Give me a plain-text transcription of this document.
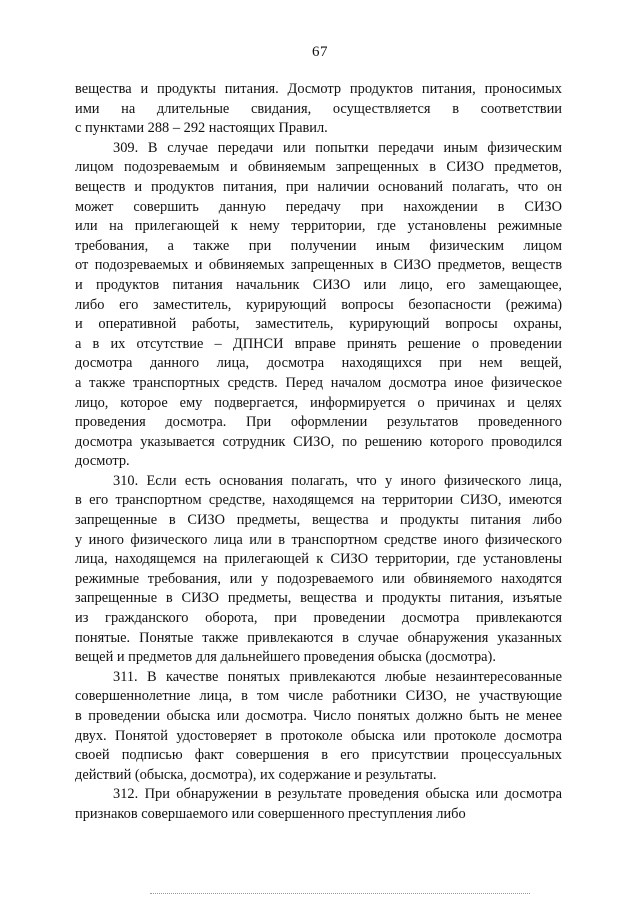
67
вещества и продукты питания. Досмотр продуктов питания, проносимых
ими на длительные свидания, осуществляется в соответствии
с пунктами 288 – 292 настоящих Правил.
309. В случае передачи или попытки передачи иным физическим
лицом подозреваемым и обвиняемым запрещенных в СИЗО предметов,
веществ и продуктов питания, при наличии оснований полагать, что он
может совершить данную передачу при нахождении в СИЗО
или на прилегающей к нему территории, где установлены режимные
требования, а также при получении иным физическим лицом
от подозреваемых и обвиняемых запрещенных в СИЗО предметов, веществ
и продуктов питания начальник СИЗО или лицо, его замещающее,
либо его заместитель, курирующий вопросы безопасности (режима)
и оперативной работы, заместитель, курирующий вопросы охраны,
а в их отсутствие – ДПНСИ вправе принять решение о проведении
досмотра данного лица, досмотра находящихся при нем вещей,
а также транспортных средств. Перед началом досмотра иное физическое
лицо, которое ему подвергается, информируется о причинах и целях
проведения досмотра. При оформлении результатов проведенного
досмотра указывается сотрудник СИЗО, по решению которого проводился
досмотр.
310. Если есть основания полагать, что у иного физического лица,
в его транспортном средстве, находящемся на территории СИЗО, имеются
запрещенные в СИЗО предметы, вещества и продукты питания либо
у иного физического лица или в транспортном средстве иного физического
лица, находящемся на прилегающей к СИЗО территории, где установлены
режимные требования, или у подозреваемого или обвиняемого находятся
запрещенные в СИЗО предметы, вещества и продукты питания, изъятые
из гражданского оборота, при проведении досмотра привлекаются
понятые. Понятые также привлекаются в случае обнаружения указанных
вещей и предметов для дальнейшего проведения обыска (досмотра).
311. В качестве понятых привлекаются любые незаинтересованные
совершеннолетние лица, в том числе работники СИЗО, не участвующие
в проведении обыска или досмотра. Число понятых должно быть не менее
двух. Понятой удостоверяет в протоколе обыска или протоколе досмотра
своей подписью факт совершения в его присутствии процессуальных
действий (обыска, досмотра), их содержание и результаты.
312. При обнаружении в результате проведения обыска или досмотра
признаков совершаемого или совершенного преступления либо
